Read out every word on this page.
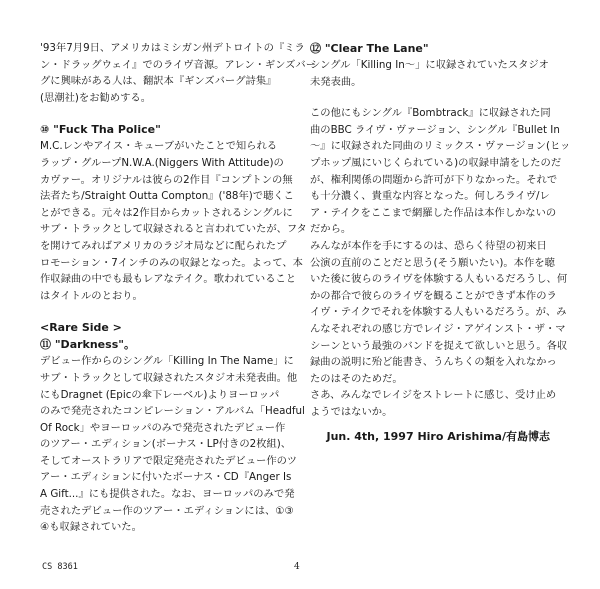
'93年7月9日、アメリカはミシガン州デトロイトの『ミラ

ン・ドラッグウェイ』でのライヴ音源。アレン・ギンズバー

グに興味がある人は、翻訳本『ギンズバーグ詩集』

(思潮社)をお勧めする。

⑩ "Fuck Tha Police"

M.C.レンやアイス・キューブがいたことで知られる

ラップ・グループN.W.A.(Niggers With Attitude)の

カヴァー。オリジナルは彼らの2作目『コンプトンの無

法者たち/Straight Outta Compton』('88年)で聴くこ

とができる。元々は2作目からカットされるシングルに

サブ・トラックとして収録されると言われていたが、フタ

を開けてみればアメリカのラジオ局などに配られたプ

ロモーション・7インチのみの収録となった。よって、本

作収録曲の中でも最もレアなテイク。歌われていること

はタイトルのとおり。

<Rare Side >

⑪ "Darkness"。

デビュー作からのシングル「Killing In The Name」に

サブ・トラックとして収録されたスタジオ未発表曲。他

にもDragnet (Epicの傘下レーベル)よりヨーロッパ

のみで発売されたコンピレーション・アルバム「Headful

Of Rock」やヨーロッパのみで発売されたデビュー作

のツアー・エディション(ボーナス・LP付きの2枚組)、

そしてオーストラリアで限定発売されたデビュー作のツ

アー・エディションに付いたボーナス・CD『Anger Is

A Gift...』にも提供された。なお、ヨーロッパのみで発

売されたデビュー作のツアー・エディションには、①③

④も収録されていた。

⑫ "Clear The Lane"

シングル「Killing In〜」に収録されていたスタジオ

未発表曲。

この他にもシングル『Bombtrack』に収録された同

曲のBBC ライヴ・ヴァージョン、シングル『Bullet In

〜』に収録された同曲のリミックス・ヴァージョン(ヒッ

プホップ風にいじくられている)の収録申請をしたのだ

が、権利関係の問題から許可が下りなかった。それで

も十分濃く、貴重な内容となった。何しろライヴ/レ

ア・テイクをここまで網羅した作品は本作しかないの

だから。

みんなが本作を手にするのは、恐らく待望の初来日

公演の直前のことだと思う(そう願いたい)。本作を聴

いた後に彼らのライヴを体験する人もいるだろうし、何

かの都合で彼らのライヴを観ることができず本作のラ

イヴ・テイクでそれを体験する人もいるだろう。が、み

んなそれぞれの感じ方でレイジ・アゲインスト・ザ・マ

シーンという最強のバンドを捉えて欲しいと思う。各収

録曲の説明に殆ど能書き、うんちくの類を入れなかっ

たのはそのためだ。

さあ、みんなでレイジをストレートに感じ、受け止め

ようではないか。

Jun. 4th, 1997 Hiro Arishima/有島博志

CS 8361	4
